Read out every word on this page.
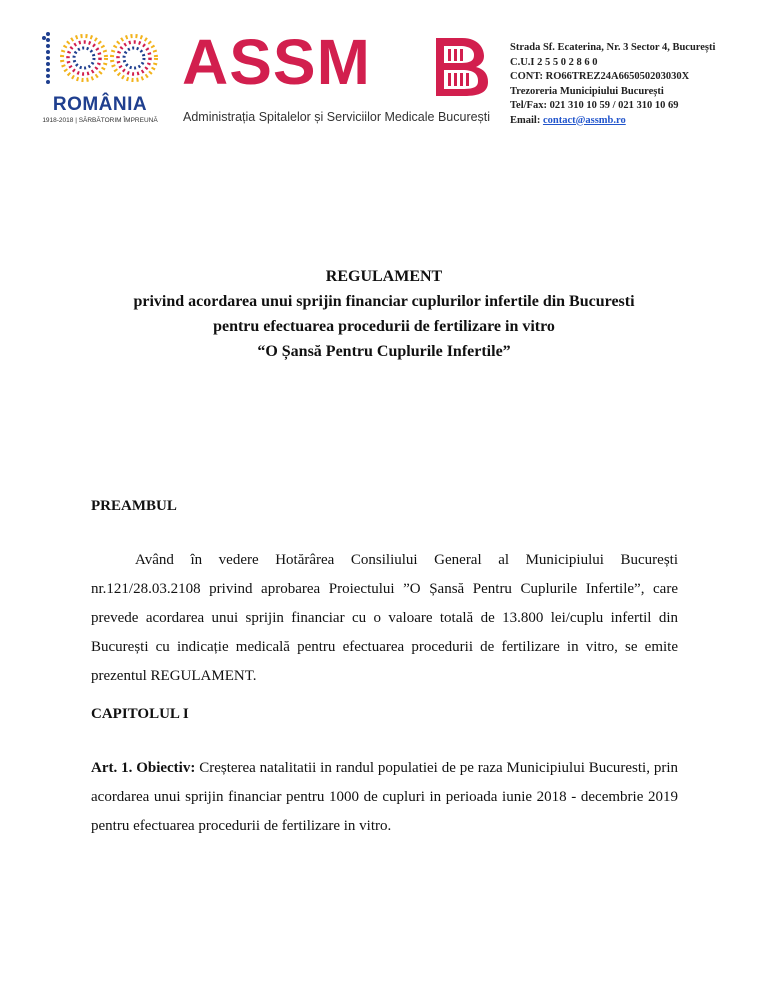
ROMÂNIA
1918-2018 | SĂRBĂTORIM ÎMPREUNĂ
ASSM
Administrația Spitalelor și Serviciilor Medicale București
Strada Sf. Ecaterina, Nr. 3 Sector 4, București
C.U.I 2 5 5 0 2 8 6 0
CONT: RO66TREZ24A665050203030X
Trezoreria Municipiului București
Tel/Fax: 021 310 10 59 / 021 310 10 69
Email: contact@assmb.ro
REGULAMENT
privind acordarea unui sprijin financiar cuplurilor infertile din Bucuresti
pentru efectuarea procedurii de fertilizare in vitro
“O Șansă Pentru Cuplurile Infertile”
PREAMBUL
Având în vedere Hotărârea Consiliului General al Municipiului București nr.121/28.03.2108 privind aprobarea Proiectului ”O Șansă Pentru Cuplurile Infertile”, care prevede acordarea unui sprijin financiar cu o valoare totală de 13.800 lei/cuplu infertil din București cu indicație medicală pentru efectuarea procedurii de fertilizare in vitro, se emite prezentul REGULAMENT.
CAPITOLUL I
Art. 1. Obiectiv: Creșterea natalitatii in randul populatiei de pe raza Municipiului Bucuresti, prin acordarea unui sprijin financiar pentru 1000 de cupluri in perioada iunie 2018 - decembrie 2019 pentru efectuarea procedurii de fertilizare in vitro.
